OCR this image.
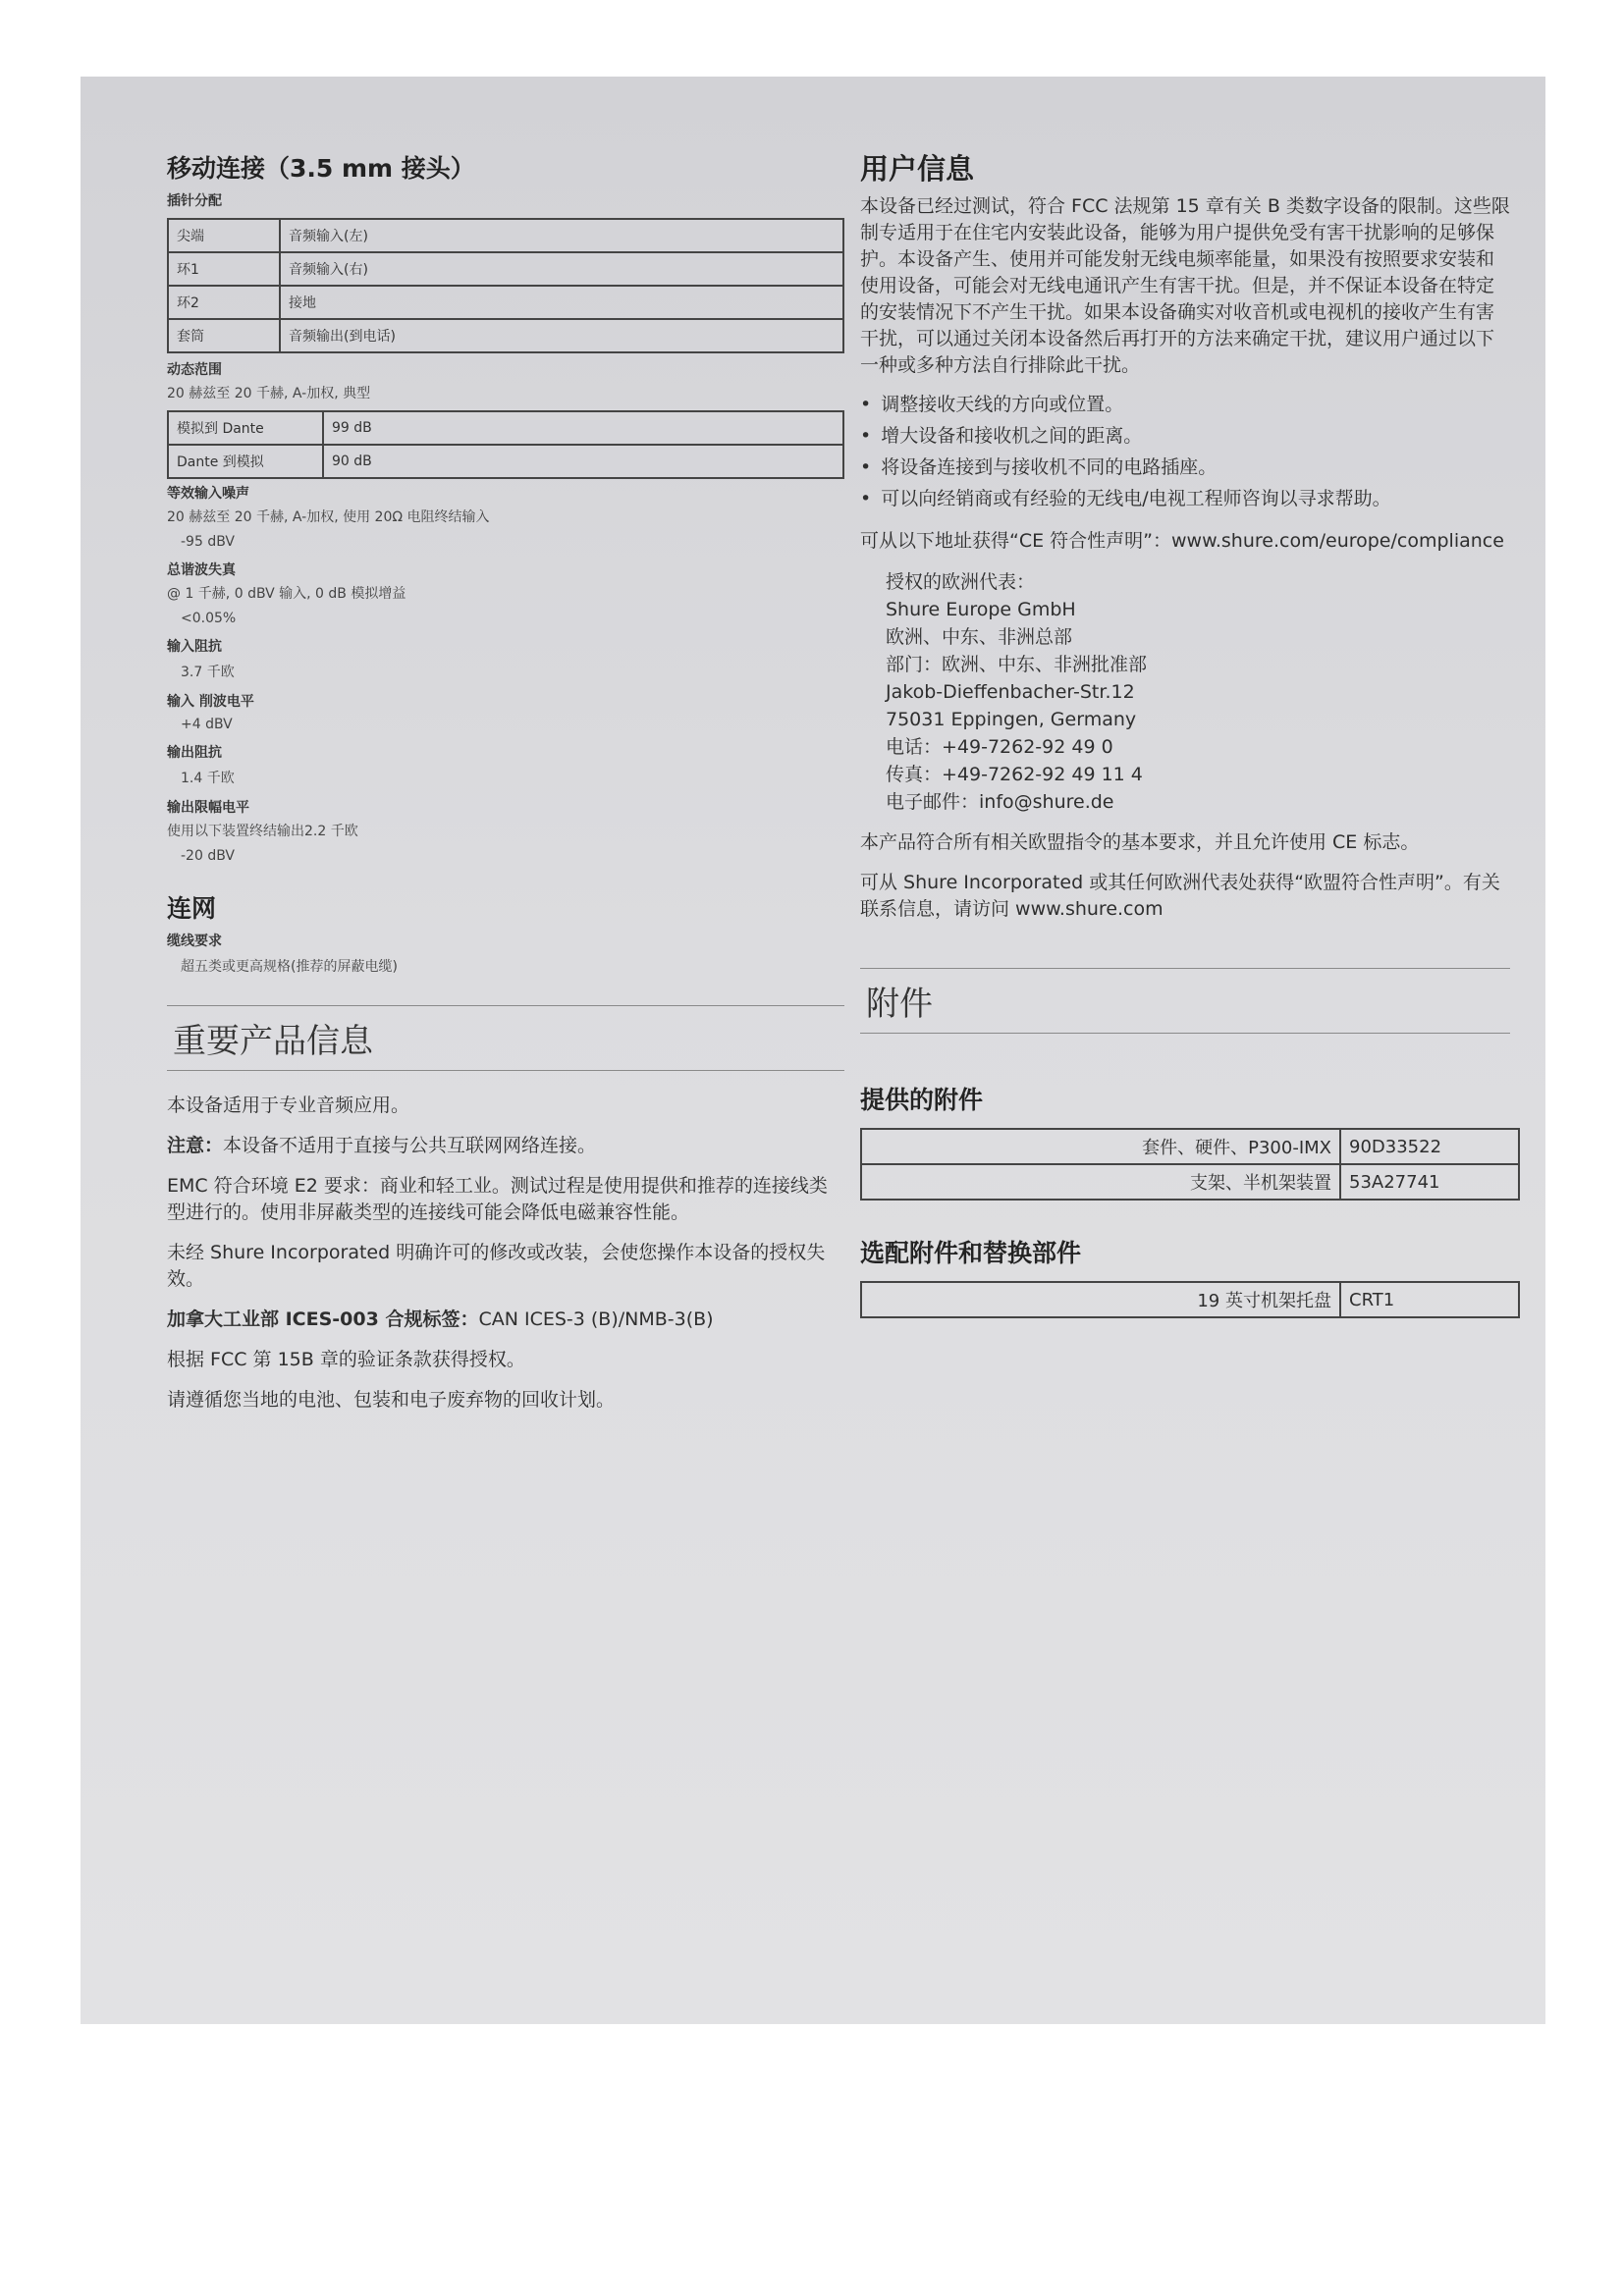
移动连接（3.5 mm 接头）
插针分配
尖端	音频输入(左)
环1	音频输入(右)
环2	接地
套筒	音频输出(到电话)
动态范围
20 赫兹至 20 千赫, A-加权, 典型
模拟到 Dante	99 dB
Dante 到模拟	90 dB
等效输入噪声
20 赫兹至 20 千赫, A-加权, 使用 20Ω 电阻终结输入
-95 dBV
总谐波失真
@ 1 千赫, 0 dBV 输入, 0 dB 模拟增益
<0.05%
输入阻抗
3.7 千欧
输入 削波电平
+4 dBV
输出阻抗
1.4 千欧
输出限幅电平
使用以下装置终结输出2.2 千欧
-20 dBV
连网
缆线要求
超五类或更高规格(推荐的屏蔽电缆)
重要产品信息

本设备适用于专业音频应用。

注意：本设备不适用于直接与公共互联网网络连接。

EMC 符合环境 E2 要求：商业和轻工业。测试过程是使用提供和推荐的连接线类型进行的。使用非屏蔽类型的连接线可能会降低电磁兼容性能。

未经 Shure Incorporated 明确许可的修改或改装，会使您操作本设备的授权失效。

加拿大工业部 ICES-003 合规标签：CAN ICES-3 (B)/NMB-3(B)

根据 FCC 第 15B 章的验证条款获得授权。

请遵循您当地的电池、包装和电子废弃物的回收计划。

用户信息

本设备已经过测试，符合 FCC 法规第 15 章有关 B 类数字设备的限制。这些限制专适用于在住宅内安装此设备，能够为用户提供免受有害干扰影响的足够保护。本设备产生、使用并可能发射无线电频率能量，如果没有按照要求安装和使用设备，可能会对无线电通讯产生有害干扰。但是，并不保证本设备在特定的安装情况下不产生干扰。如果本设备确实对收音机或电视机的接收产生有害干扰，可以通过关闭本设备然后再打开的方法来确定干扰，建议用户通过以下一种或多种方法自行排除此干扰。

• 调整接收天线的方向或位置。
• 增大设备和接收机之间的距离。
• 将设备连接到与接收机不同的电路插座。
• 可以向经销商或有经验的无线电/电视工程师咨询以寻求帮助。

可从以下地址获得“CE 符合性声明”：www.shure.com/europe/compliance

授权的欧洲代表：
Shure Europe GmbH
欧洲、中东、非洲总部
部门：欧洲、中东、非洲批准部
Jakob-Dieffenbacher-Str.12
75031 Eppingen, Germany
电话：+49-7262-92 49 0
传真：+49-7262-92 49 11 4
电子邮件：info@shure.de

本产品符合所有相关欧盟指令的基本要求，并且允许使用 CE 标志。

可从 Shure Incorporated 或其任何欧洲代表处获得“欧盟符合性声明”。有关联系信息，请访问 www.shure.com

附件
提供的附件
套件、硬件、P300-IMX	90D33522
支架、半机架装置	53A27741
选配附件和替换部件
19 英寸机架托盘	CRT1
